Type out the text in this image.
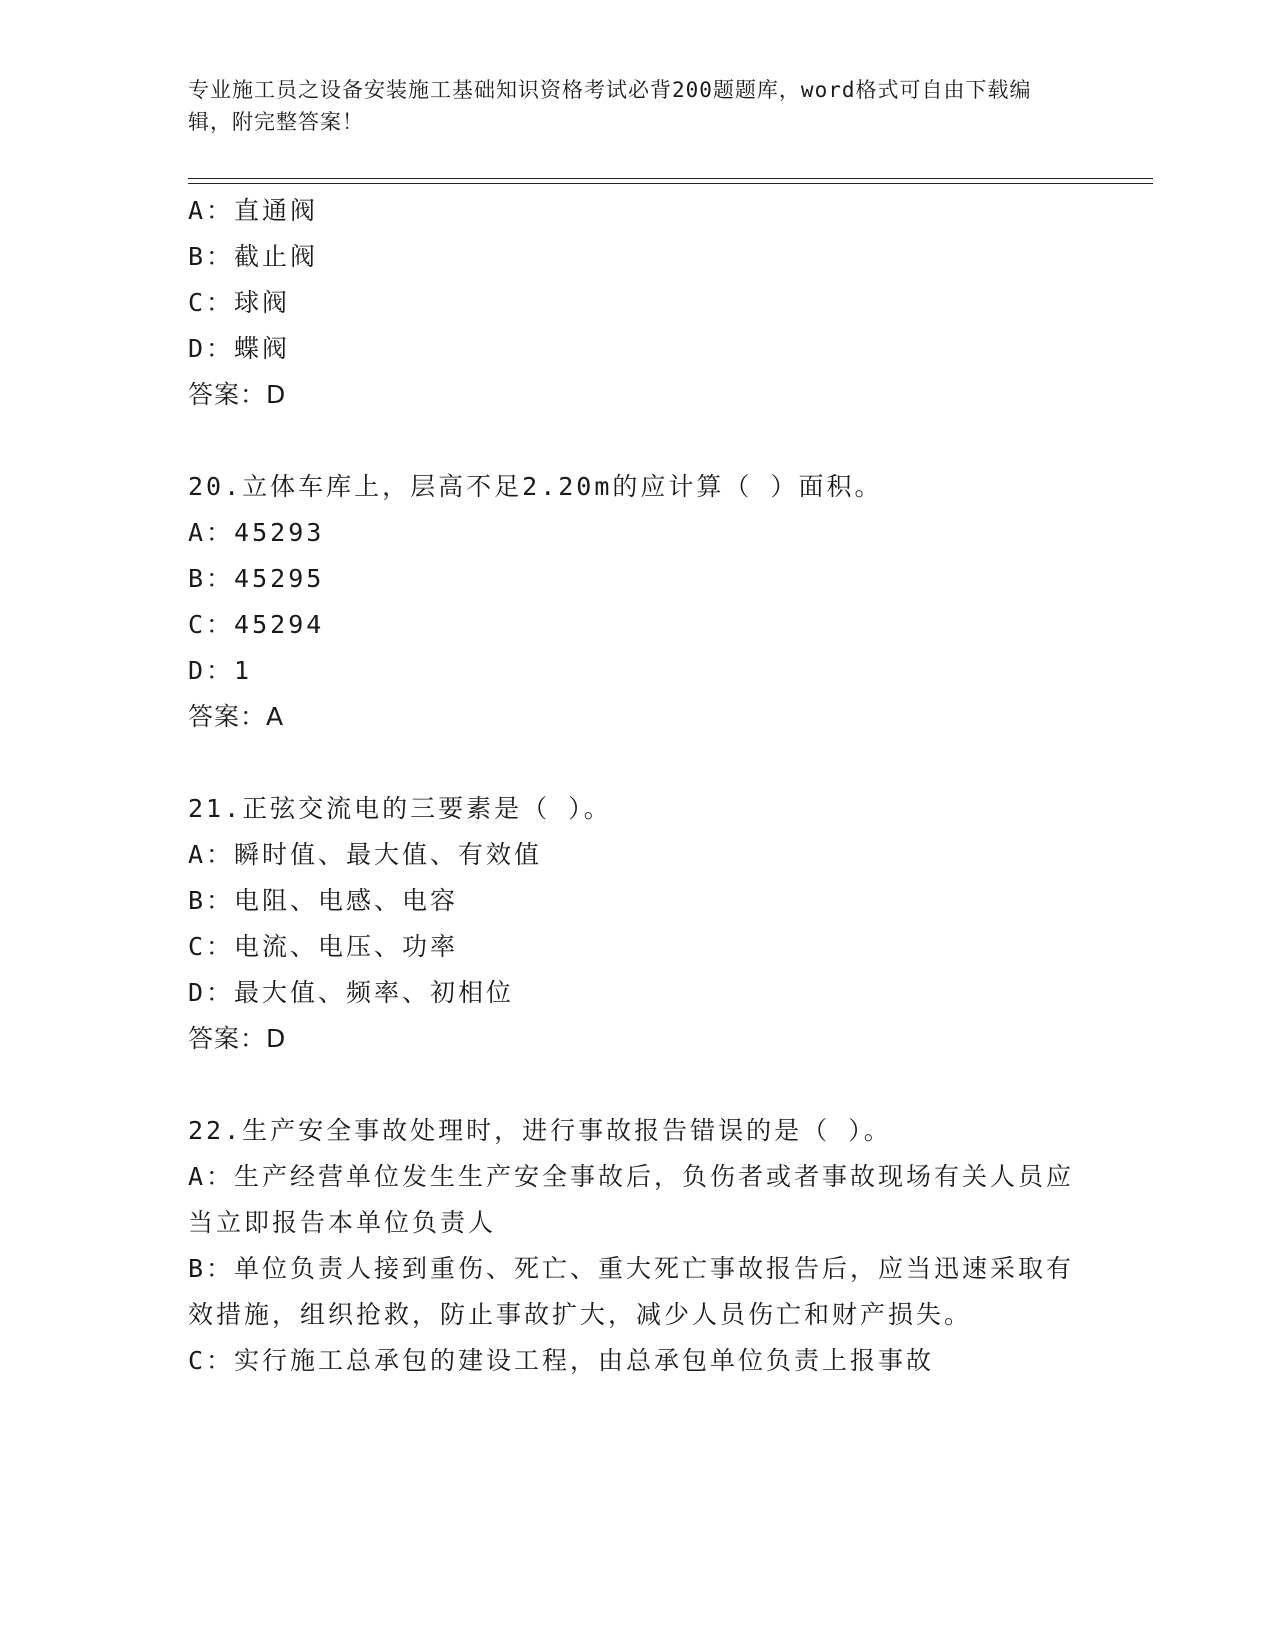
专业施工员之设备安装施工基础知识资格考试必背200题题库，word格式可自由下载编辑，附完整答案！
A：直通阀
B：截止阀
C：球阀
D：蝶阀
答案：D
20.立体车库上，层高不足2.20m的应计算（ ）面积。
A：45293
B：45295
C：45294
D：1
答案：A
21.正弦交流电的三要素是（ ）。
A：瞬时值、最大值、有效值
B：电阻、电感、电容
C：电流、电压、功率
D：最大值、频率、初相位
答案：D
22.生产安全事故处理时，进行事故报告错误的是（ ）。
A：生产经营单位发生生产安全事故后，负伤者或者事故现场有关人员应当立即报告本单位负责人
B：单位负责人接到重伤、死亡、重大死亡事故报告后，应当迅速采取有效措施，组织抢救，防止事故扩大，减少人员伤亡和财产损失。
C：实行施工总承包的建设工程，由总承包单位负责上报事故
